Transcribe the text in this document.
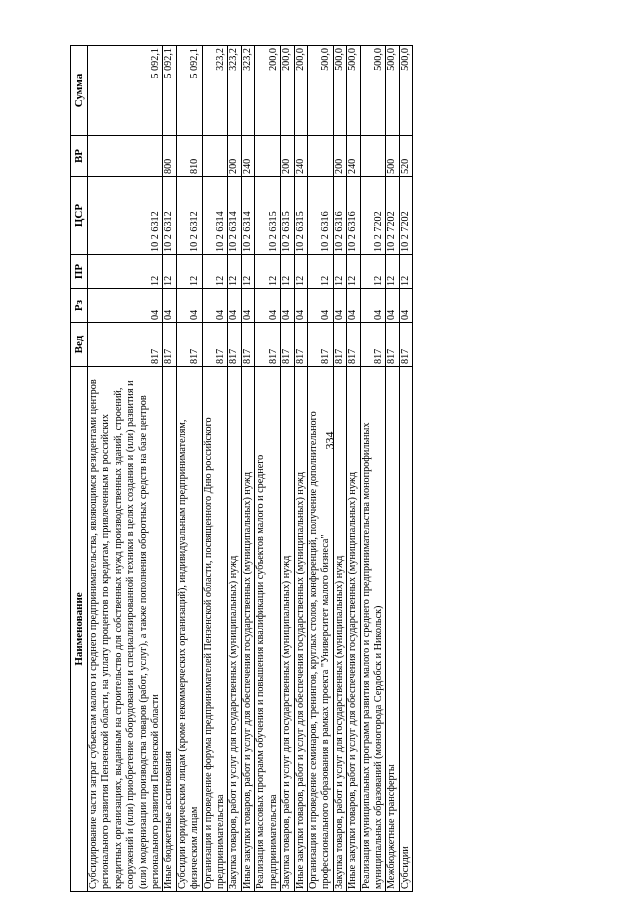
334
Наименование	Вед	Рз	ПР	ЦСР	ВР	Сумма
Субсидирование части затрат субъектам малого и среднего предпринимательства, являющимся резидентами центров регионального развития Пензенской области, на уплату процентов по кредитам, привлеченным в российских кредитных организациях, выданным на строительство для собственных нужд производственных зданий, строений, сооружений и (или) приобретение оборудования и специализированной техники в целях создания и (или) развития и (или) модернизации производства товаров (работ, услуг), а также пополнения оборотных средств на базе центров регионального развития Пензенской области	817	04	12	10 2 6312		5 092,1
Иные бюджетные ассигнования	817	04	12	10 2 6312	800	5 092,1
Субсидии юридическим лицам (кроме некоммерческих организаций), индивидуальным предпринимателям, физическим лицам	817	04	12	10 2 6312	810	5 092,1
Организация и проведение форума предпринимателей Пензенской области, посвященного Дню российского предпринимательства	817	04	12	10 2 6314		323,2
Закупка товаров, работ и услуг для государственных (муниципальных) нужд	817	04	12	10 2 6314	200	323,2
Иные закупки товаров, работ и услуг для обеспечения государственных (муниципальных) нужд	817	04	12	10 2 6314	240	323,2
Реализация массовых программ обучения и повышения квалификации субъектов малого и среднего предпринимательства	817	04	12	10 2 6315		200,0
Закупка товаров, работ и услуг для государственных (муниципальных) нужд	817	04	12	10 2 6315	200	200,0
Иные закупки товаров, работ и услуг для обеспечения государственных (муниципальных) нужд	817	04	12	10 2 6315	240	200,0
Организация и проведение семинаров, тренингов, круглых столов, конференций, получение дополнительного профессионального образования в рамках проекта "Университет малого бизнеса"	817	04	12	10 2 6316		500,0
Закупка товаров, работ и услуг для государственных (муниципальных) нужд	817	04	12	10 2 6316	200	500,0
Иные закупки товаров, работ и услуг для обеспечения государственных (муниципальных) нужд	817	04	12	10 2 6316	240	500,0
Реализация муниципальных программ развития малого и среднего предпринимательства монопрофильных муниципальных образований (моногорода Сердобск и Никольск)	817	04	12	10 2 7202		500,0
Межбюджетные трансферты	817	04	12	10 2 7202	500	500,0
Субсидии	817	04	12	10 2 7202	520	500,0
